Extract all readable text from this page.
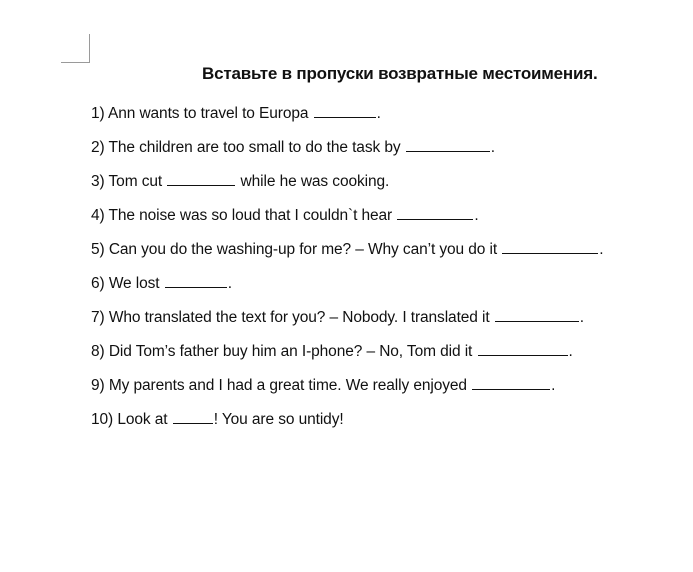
Вставьте в пропуски возвратные местоимения.
1) Ann wants to travel to Europa	.
2) The children are too small to do the task by	.
3) Tom cut	while he was cooking.
4) The noise was so loud that I couldn`t hear	.
5) Can you do the washing-up for me? – Why can’t you do it	.
6) We lost	.
7) Who translated the text for you? – Nobody. I translated it	.
8) Did Tom’s father buy him an I-phone? – No, Tom did it	.
9) My parents and I had a great time. We really enjoyed	.
10) Look at	! You are so untidy!
